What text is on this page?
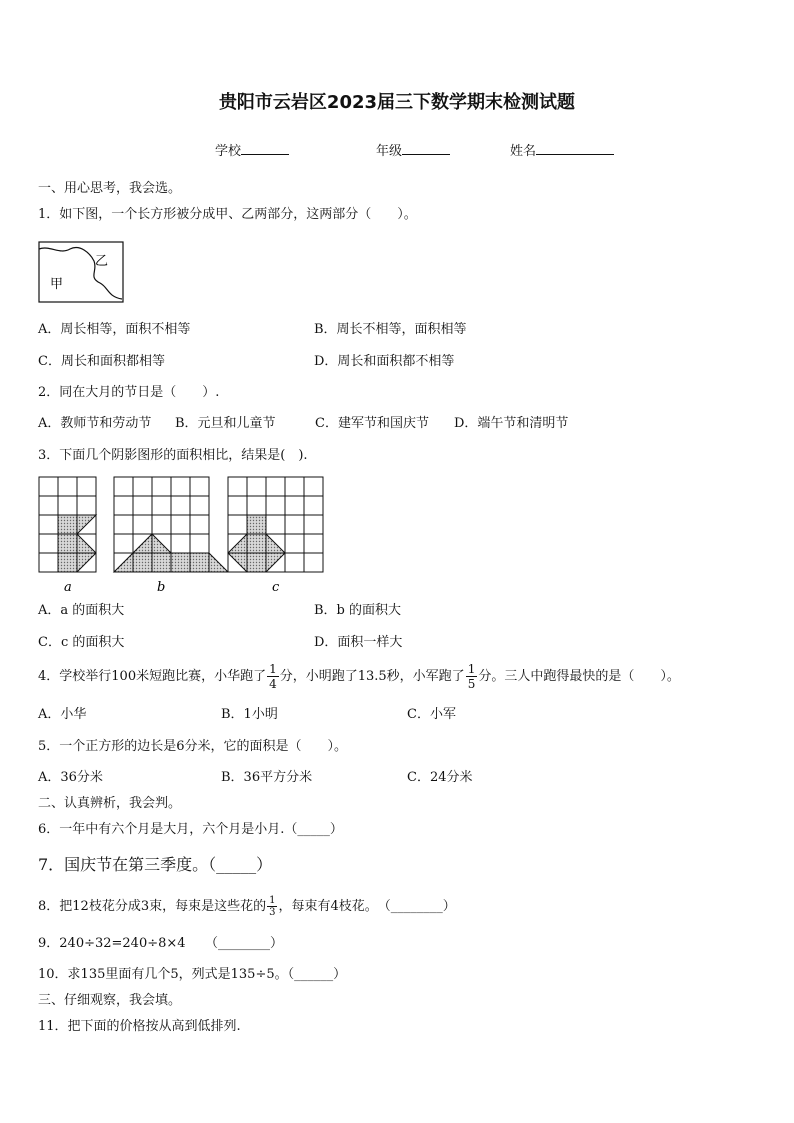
贵阳市云岩区2023届三下数学期末检测试题
学校	年级	姓名
一、用心思考，我会选。
1．如下图，一个长方形被分成甲、乙两部分，这两部分（　　）。
甲
乙
A．周长相等，面积不相等	B．周长不相等，面积相等
C．周长和面积都相等	D．周长和面积都不相等
2．同在大月的节日是（　　）.
A．教师节和劳动节 B．元旦和儿童节	C．建军节和国庆节 D．端午节和清明节
3．下面几个阴影图形的面积相比，结果是(　).
a	b	c
A．a 的面积大	B．b 的面积大
C．c 的面积大	D．面积一样大
4．学校举行100米短跑比赛，小华跑了 $\frac{1}{4}$ 分，小明跑了13.5秒，小军跑了 $\frac{1}{5}$ 分。三人中跑得最快的是（　　）。
A．小华	B．1小明	C．小军
5．一个正方形的边长是6分米，它的面积是（　　）。
A．36分米	B．36平方分米	C．24分米
二、认真辨析，我会判。
6．一年中有六个月是大月，六个月是小月.（_____）
7．国庆节在第三季度。（_____）
8．把12枝花分成3束，每束是这些花的 $\frac{1}{3}$ ，每束有4枝花。　（________）
9．240÷32=240÷8×4　　（________）
10．求135里面有几个5，列式是135÷5。（______）
三、仔细观察，我会填。
11．把下面的价格按从高到低排列.
